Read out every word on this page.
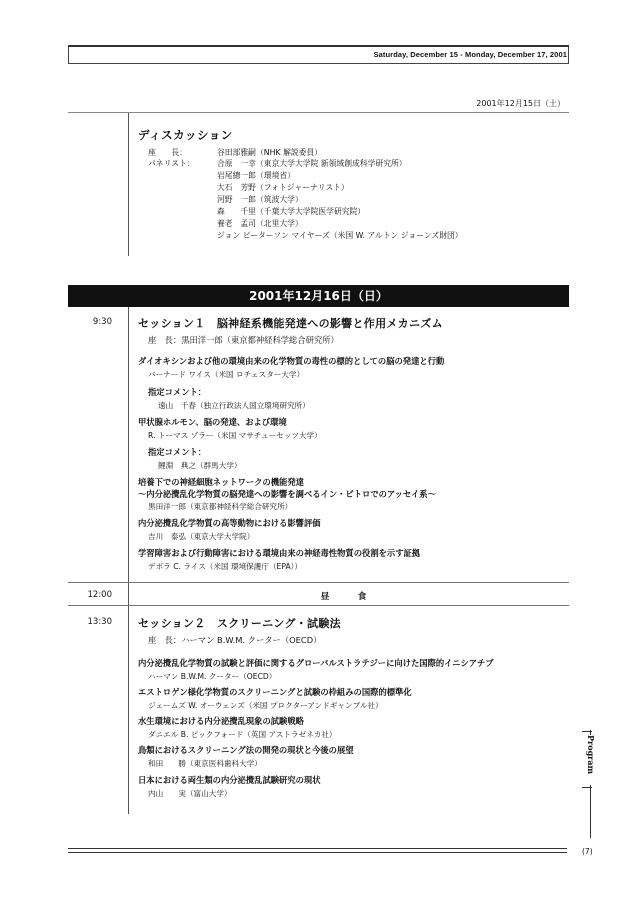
Saturday, December 15 - Monday, December 17, 2001
2001年12月15日（土）
ディスカッション
座　　長：	谷田部雅嗣（NHK 解説委員）
パネリスト：	合原　一幸（東京大学大学院 新領域創成科学研究所）
岩尾總一郎（環境省）
大石　芳野（フォトジャーナリスト）
河野　一郎（筑波大学）
森　　千里（千葉大学大学院医学研究院）
養老　孟司（北里大学）
ジョン ピーターソン マイヤーズ（米国 W. アルトン ジョーンズ財団）
2001年12月16日（日）
9:30 セッション１　脳神経系機能発達への影響と作用メカニズム
座　長：黒田洋一郎（東京都神経科学総合研究所）
ダイオキシンおよび他の環境由来の化学物質の毒性の標的としての脳の発達と行動
バーナード ワイス（米国 ロチェスター大学）
指定コメント：
遠山　千春（独立行政法人国立環境研究所）
甲状腺ホルモン、脳の発達、および環境
R. トーマス ゾラー（米国 マサチューセッツ大学）
指定コメント：
鯉淵　典之（群馬大学）
培養下での神経細胞ネットワークの機能発達
～内分泌攪乱化学物質の脳発達への影響を調べるイン・ビトロでのアッセイ系～
黒田洋一郎（東京都神経科学総合研究所）
内分泌攪乱化学物質の高等動物における影響評価
吉川　泰弘（東京大学大学院）
学習障害および行動障害における環境由来の神経毒性物質の役割を示す証拠
デボラ C. ライス（米国 環境保護庁（EPA））
12:00	昼　食
13:30 セッション２　スクリーニング・試験法
座　長：ハーマン B.W.M. クーター（OECD）
内分泌攪乱化学物質の試験と評価に関するグローバルストラテジーに向けた国際的イニシアチブ
ハーマン B.W.M. クーター（OECD）
エストロゲン様化学物質のスクリーニングと試験の枠組みの国際的標準化
ジェームズ W. オーウェンズ（米国 プロクターアンドギャンブル社）
水生環境における内分泌攪乱現象の試験戦略
ダニエル B. ピックフォード（英国 アストラゼネカ社）
鳥類におけるスクリーニング法の開発の現状と今後の展望
和田　　勝（東京医科歯科大学）
日本における両生類の内分泌攪乱試験研究の現状
内山　　実（富山大学）
Program
(7)
